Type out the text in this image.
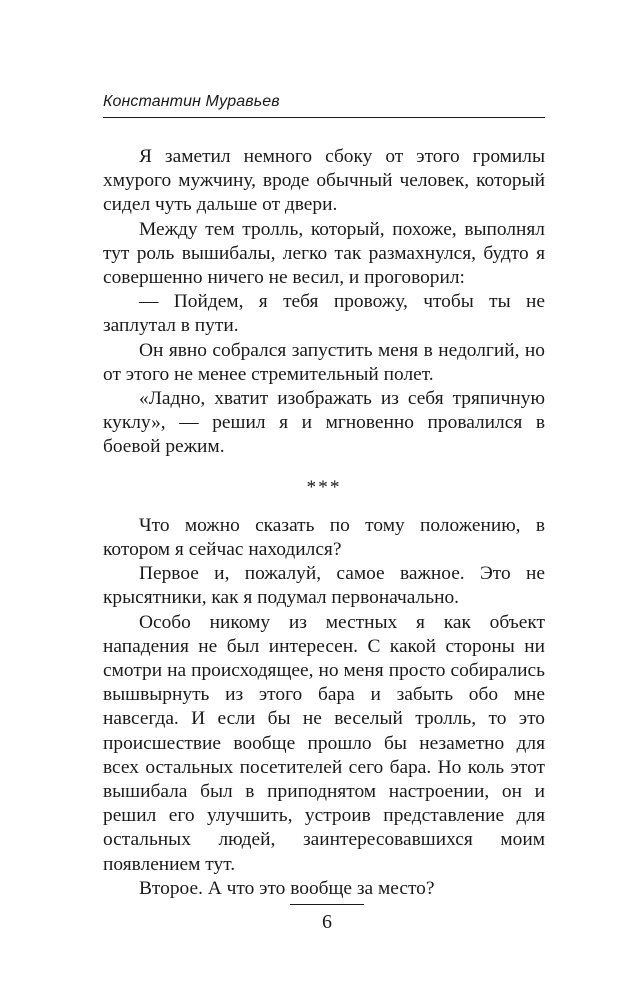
Константин Муравьев

Я заметил немного сбоку от этого громилы хмурого мужчину, вроде обычный человек, который сидел чуть дальше от двери.

Между тем тролль, который, похоже, выполнял тут роль вышибалы, легко так размахнулся, будто я совершенно ничего не весил, и проговорил:

— Пойдем, я тебя провожу, чтобы ты не заплутал в пути.

Он явно собрался запустить меня в недолгий, но от этого не менее стремительный полет.

«Ладно, хватит изображать из себя тряпичную куклу», — решил я и мгновенно провалился в боевой режим.

***

Что можно сказать по тому положению, в котором я сейчас находился?

Первое и, пожалуй, самое важное. Это не крысятники, как я подумал первоначально.

Особо никому из местных я как объект нападения не был интересен. С какой стороны ни смотри на происходящее, но меня просто собирались вышвырнуть из этого бара и забыть обо мне навсегда. И если бы не веселый тролль, то это происшествие вообще прошло бы незаметно для всех остальных посетителей сего бара. Но коль этот вышибала был в приподнятом настроении, он и решил его улучшить, устроив представление для остальных людей, заинтересовавшихся моим появлением тут.

Второе. А что это вообще за место?

6
